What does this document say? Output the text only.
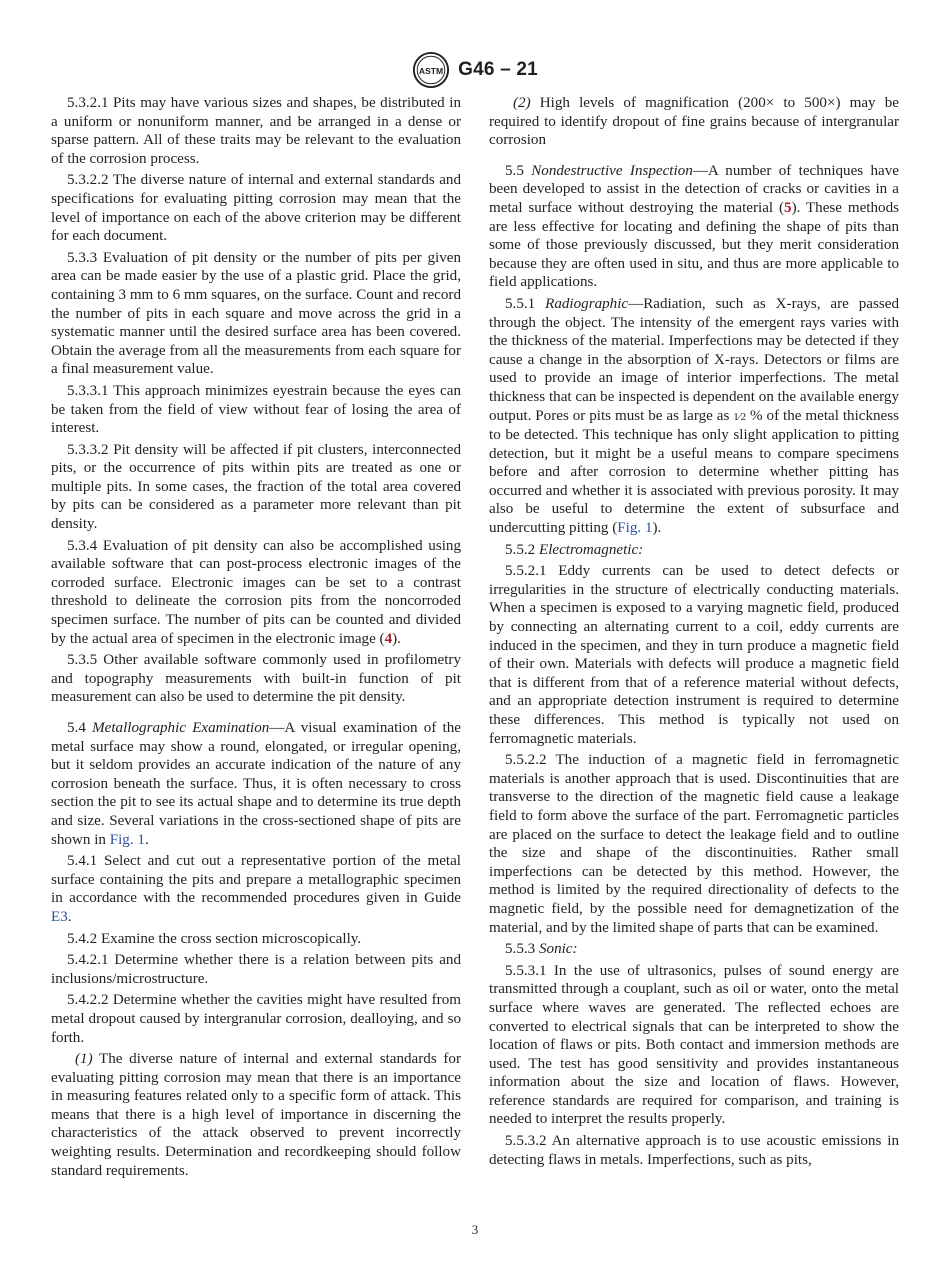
ASTM G46 – 21

5.3.2.1 Pits may have various sizes and shapes, be distributed in a uniform or nonuniform manner, and be arranged in a dense or sparse pattern. All of these traits may be relevant to the evaluation of the corrosion process.

5.3.2.2 The diverse nature of internal and external standards and specifications for evaluating pitting corrosion may mean that the level of importance on each of the above criterion may be different for each document.

5.3.3 Evaluation of pit density or the number of pits per given area can be made easier by the use of a plastic grid. Place the grid, containing 3 mm to 6 mm squares, on the surface. Count and record the number of pits in each square and move across the grid in a systematic manner until the desired surface area has been covered. Obtain the average from all the measurements from each square for a final measurement value.

5.3.3.1 This approach minimizes eyestrain because the eyes can be taken from the field of view without fear of losing the area of interest.

5.3.3.2 Pit density will be affected if pit clusters, interconnected pits, or the occurrence of pits within pits are treated as one or multiple pits. In some cases, the fraction of the total area covered by pits can be considered as a parameter more relevant than pit density.

5.3.4 Evaluation of pit density can also be accomplished using available software that can post-process electronic images of the corroded surface. Electronic images can be set to a contrast threshold to delineate the corrosion pits from the noncorroded specimen surface. The number of pits can be counted and divided by the actual area of specimen in the electronic image (4).

5.3.5 Other available software commonly used in profilometry and topography measurements with built-in function of pit measurement can also be used to determine the pit density.

5.4 Metallographic Examination—A visual examination of the metal surface may show a round, elongated, or irregular opening, but it seldom provides an accurate indication of the nature of any corrosion beneath the surface. Thus, it is often necessary to cross section the pit to see its actual shape and to determine its true depth and size. Several variations in the cross-sectioned shape of pits are shown in Fig. 1.

5.4.1 Select and cut out a representative portion of the metal surface containing the pits and prepare a metallographic specimen in accordance with the recommended procedures given in Guide E3.

5.4.2 Examine the cross section microscopically.

5.4.2.1 Determine whether there is a relation between pits and inclusions/microstructure.

5.4.2.2 Determine whether the cavities might have resulted from metal dropout caused by intergranular corrosion, dealloying, and so forth.

(1) The diverse nature of internal and external standards for evaluating pitting corrosion may mean that there is an importance in measuring features related only to a specific form of attack. This means that there is a high level of importance in discerning the characteristics of the attack observed to prevent incorrectly weighting results. Determination and recordkeeping should follow standard requirements.

(2) High levels of magnification (200× to 500×) may be required to identify dropout of fine grains because of intergranular corrosion

5.5 Nondestructive Inspection—A number of techniques have been developed to assist in the detection of cracks or cavities in a metal surface without destroying the material (5). These methods are less effective for locating and defining the shape of pits than some of those previously discussed, but they merit consideration because they are often used in situ, and thus are more applicable to field applications.

5.5.1 Radiographic—Radiation, such as X-rays, are passed through the object. The intensity of the emergent rays varies with the thickness of the material. Imperfections may be detected if they cause a change in the absorption of X-rays. Detectors or films are used to provide an image of interior imperfections. The metal thickness that can be inspected is dependent on the available energy output. Pores or pits must be as large as 1⁄2 % of the metal thickness to be detected. This technique has only slight application to pitting detection, but it might be a useful means to compare specimens before and after corrosion to determine whether pitting has occurred and whether it is associated with previous porosity. It may also be useful to determine the extent of subsurface and undercutting pitting (Fig. 1).

5.5.2 Electromagnetic:

5.5.2.1 Eddy currents can be used to detect defects or irregularities in the structure of electrically conducting materials. When a specimen is exposed to a varying magnetic field, produced by connecting an alternating current to a coil, eddy currents are induced in the specimen, and they in turn produce a magnetic field of their own. Materials with defects will produce a magnetic field that is different from that of a reference material without defects, and an appropriate detection instrument is required to determine these differences. This method is typically not used on ferromagnetic materials.

5.5.2.2 The induction of a magnetic field in ferromagnetic materials is another approach that is used. Discontinuities that are transverse to the direction of the magnetic field cause a leakage field to form above the surface of the part. Ferromagnetic particles are placed on the surface to detect the leakage field and to outline the size and shape of the discontinuities. Rather small imperfections can be detected by this method. However, the method is limited by the required directionality of defects to the magnetic field, by the possible need for demagnetization of the material, and by the limited shape of parts that can be examined.

5.5.3 Sonic:

5.5.3.1 In the use of ultrasonics, pulses of sound energy are transmitted through a couplant, such as oil or water, onto the metal surface where waves are generated. The reflected echoes are converted to electrical signals that can be interpreted to show the location of flaws or pits. Both contact and immersion methods are used. The test has good sensitivity and provides instantaneous information about the size and location of flaws. However, reference standards are required for comparison, and training is needed to interpret the results properly.

5.5.3.2 An alternative approach is to use acoustic emissions in detecting flaws in metals. Imperfections, such as pits,

3
